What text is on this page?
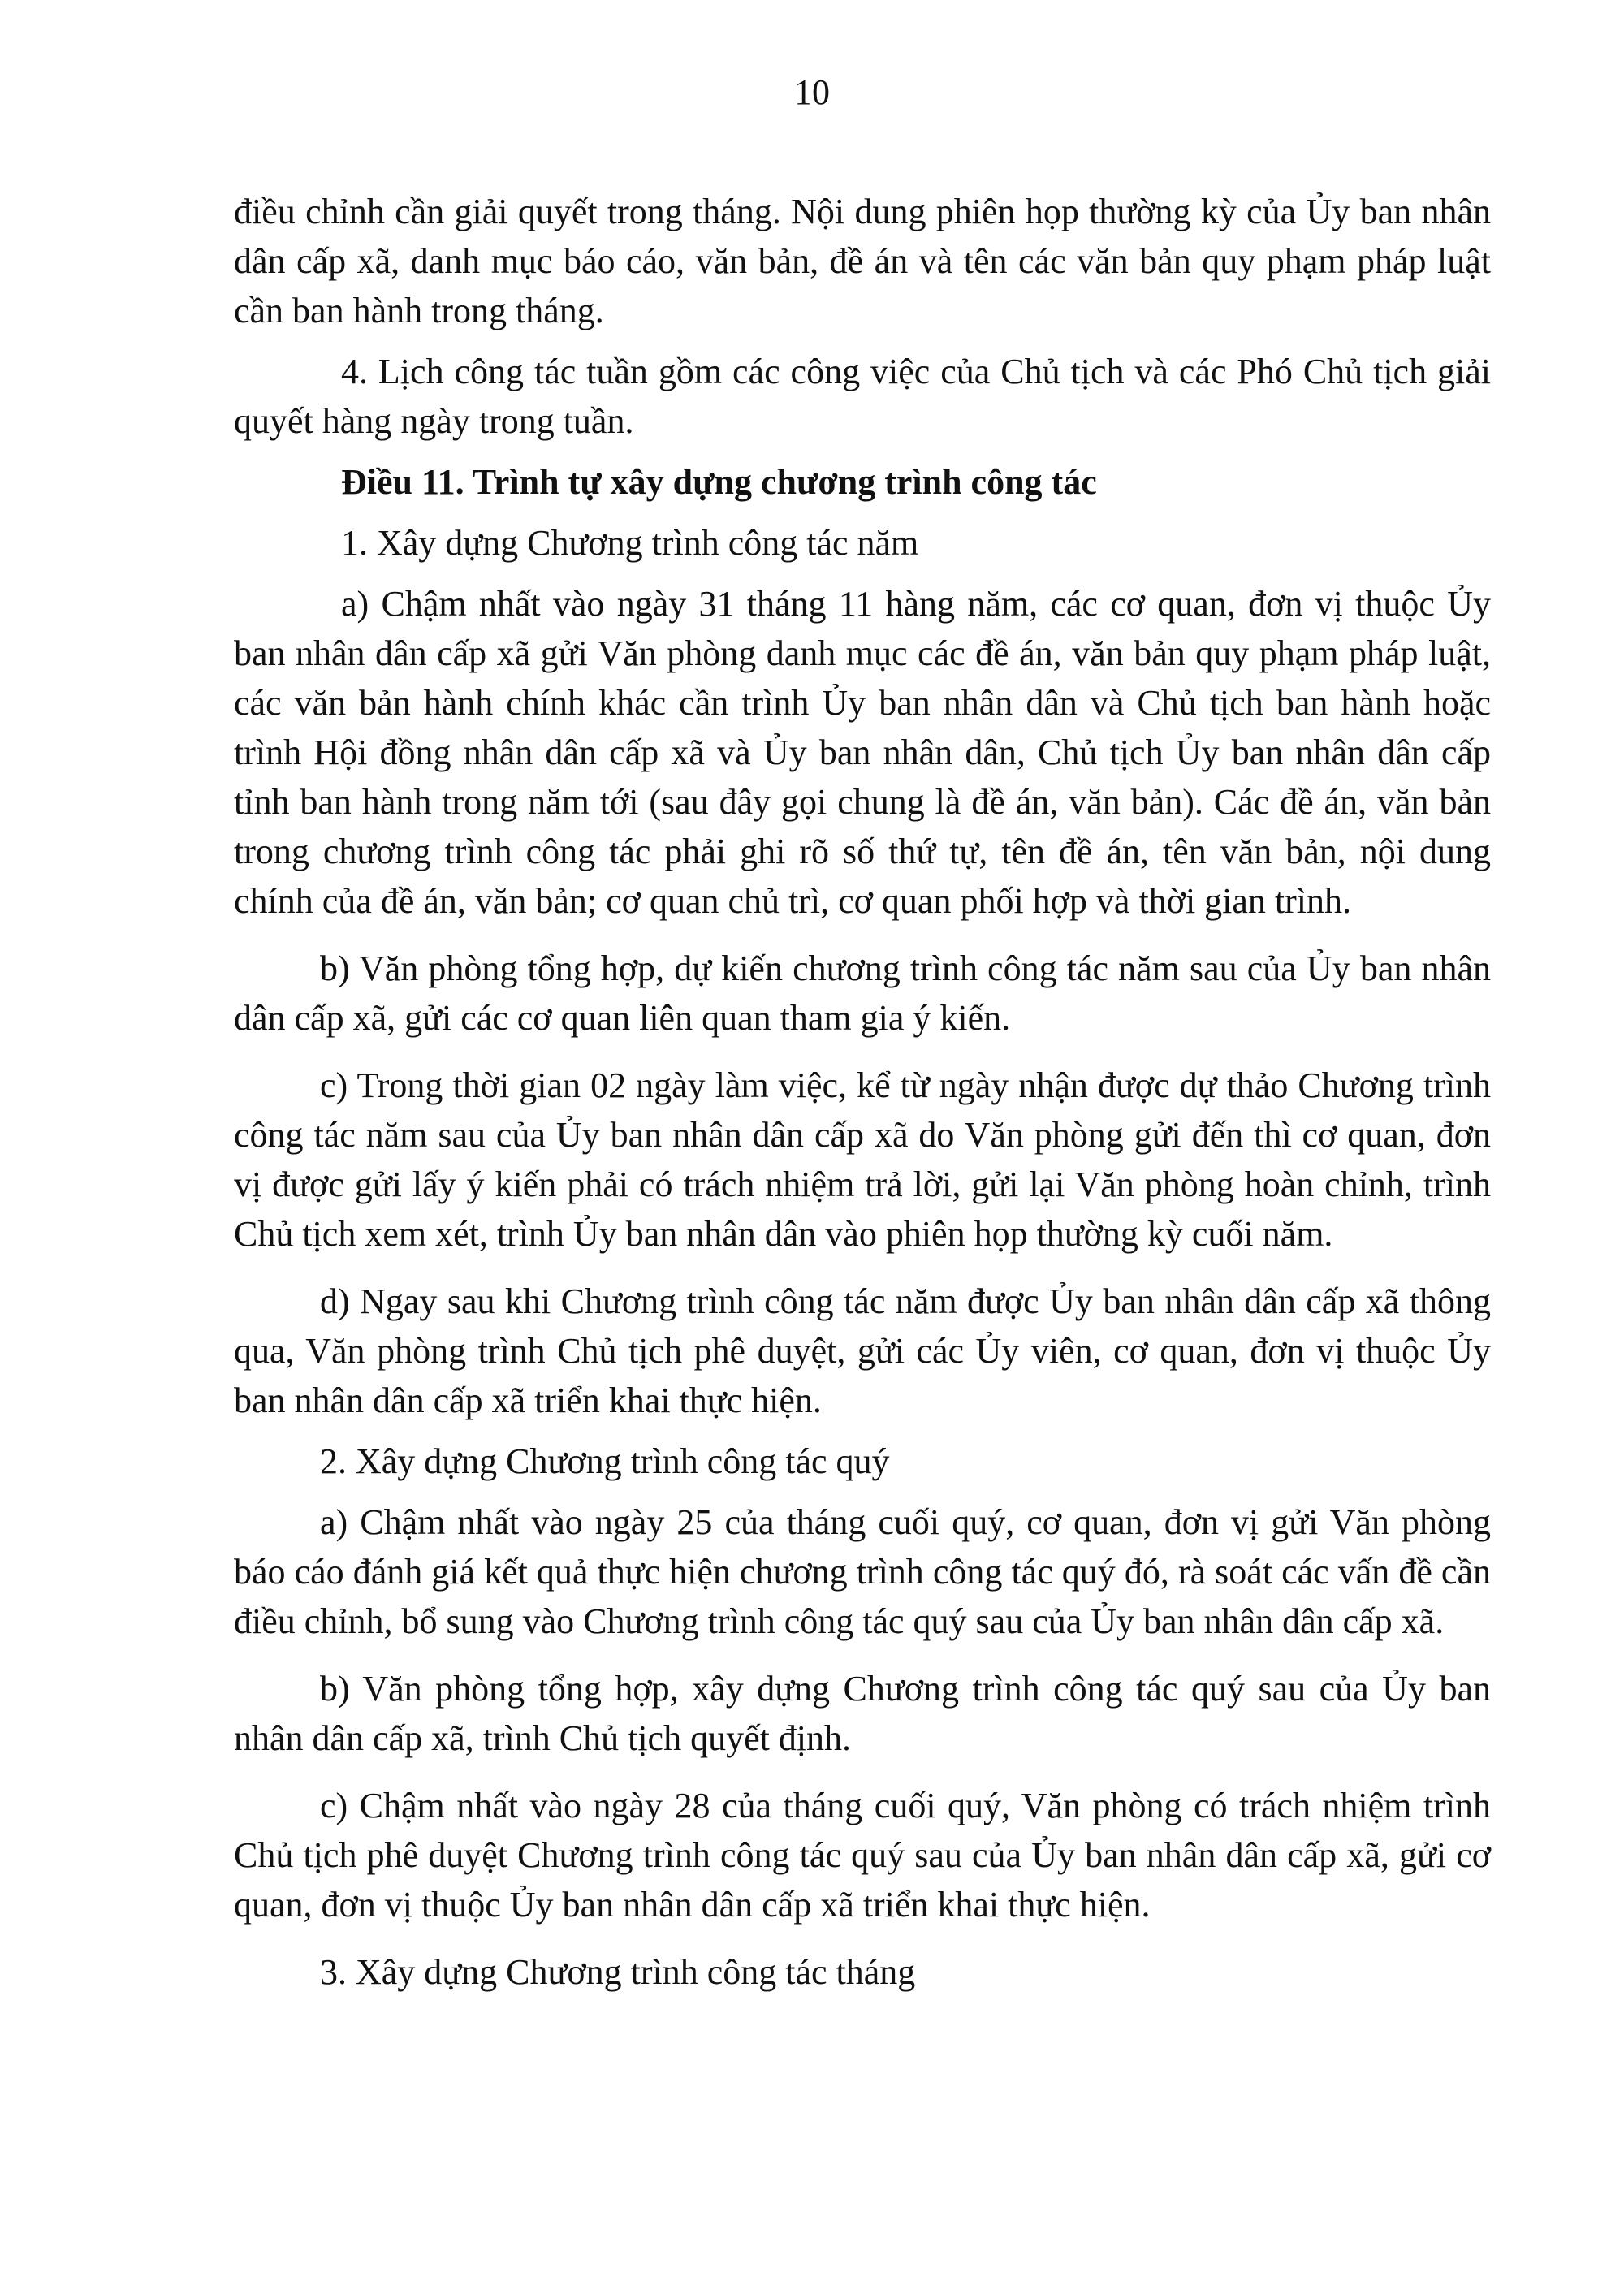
10

điều chỉnh cần giải quyết trong tháng. Nội dung phiên họp thường kỳ của Ủy ban nhân dân cấp xã, danh mục báo cáo, văn bản, đề án và tên các văn bản quy phạm pháp luật cần ban hành trong tháng.

4. Lịch công tác tuần gồm các công việc của Chủ tịch và các Phó Chủ tịch giải quyết hàng ngày trong tuần.

Điều 11. Trình tự xây dựng chương trình công tác

1. Xây dựng Chương trình công tác năm

a) Chậm nhất vào ngày 31 tháng 11 hàng năm, các cơ quan, đơn vị thuộc Ủy ban nhân dân cấp xã gửi Văn phòng danh mục các đề án, văn bản quy phạm pháp luật, các văn bản hành chính khác cần trình Ủy ban nhân dân và Chủ tịch ban hành hoặc trình Hội đồng nhân dân cấp xã và Ủy ban nhân dân, Chủ tịch Ủy ban nhân dân cấp tỉnh ban hành trong năm tới (sau đây gọi chung là đề án, văn bản). Các đề án, văn bản trong chương trình công tác phải ghi rõ số thứ tự, tên đề án, tên văn bản, nội dung chính của đề án, văn bản; cơ quan chủ trì, cơ quan phối hợp và thời gian trình.

b) Văn phòng tổng hợp, dự kiến chương trình công tác năm sau của Ủy ban nhân dân cấp xã, gửi các cơ quan liên quan tham gia ý kiến.

c) Trong thời gian 02 ngày làm việc, kể từ ngày nhận được dự thảo Chương trình công tác năm sau của Ủy ban nhân dân cấp xã do Văn phòng gửi đến thì cơ quan, đơn vị được gửi lấy ý kiến phải có trách nhiệm trả lời, gửi lại Văn phòng hoàn chỉnh, trình Chủ tịch xem xét, trình Ủy ban nhân dân vào phiên họp thường kỳ cuối năm.

d) Ngay sau khi Chương trình công tác năm được Ủy ban nhân dân cấp xã thông qua, Văn phòng trình Chủ tịch phê duyệt, gửi các Ủy viên, cơ quan, đơn vị thuộc Ủy ban nhân dân cấp xã triển khai thực hiện.

2. Xây dựng Chương trình công tác quý

a) Chậm nhất vào ngày 25 của tháng cuối quý, cơ quan, đơn vị gửi Văn phòng báo cáo đánh giá kết quả thực hiện chương trình công tác quý đó, rà soát các vấn đề cần điều chỉnh, bổ sung vào Chương trình công tác quý sau của Ủy ban nhân dân cấp xã.

b) Văn phòng tổng hợp, xây dựng Chương trình công tác quý sau của Ủy ban nhân dân cấp xã, trình Chủ tịch quyết định.

c) Chậm nhất vào ngày 28 của tháng cuối quý, Văn phòng có trách nhiệm trình Chủ tịch phê duyệt Chương trình công tác quý sau của Ủy ban nhân dân cấp xã, gửi cơ quan, đơn vị thuộc Ủy ban nhân dân cấp xã triển khai thực hiện.

3. Xây dựng Chương trình công tác tháng
